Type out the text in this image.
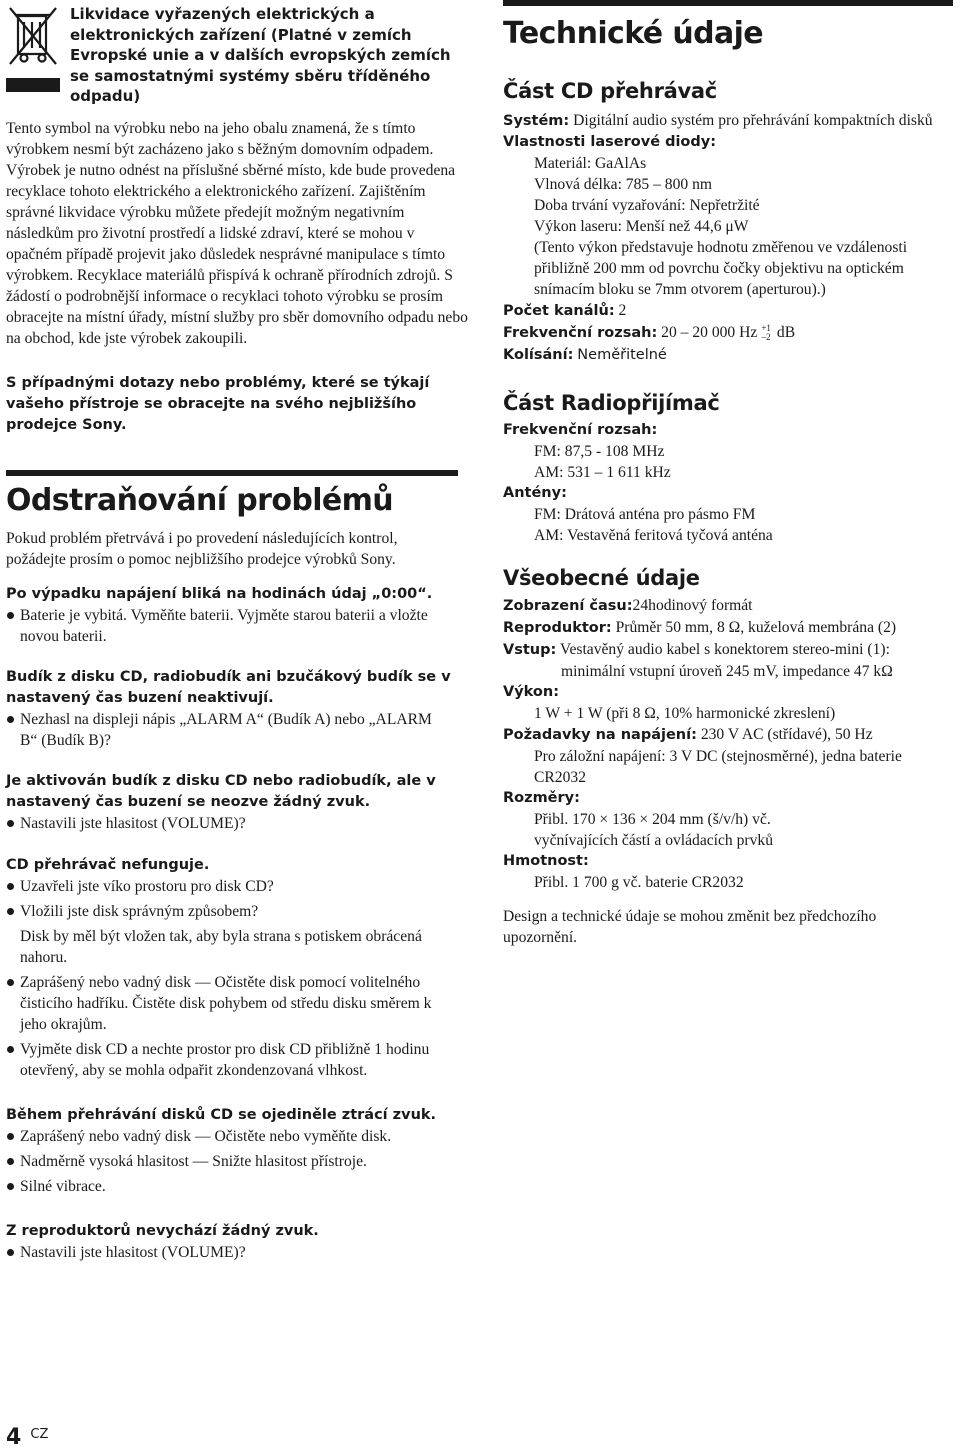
Likvidace vyřazených elektrických a elektronických zařízení (Platné v zemích Evropské unie a v dalších evropských zemích se samostatnými systémy sběru tříděného odpadu)

Tento symbol na výrobku nebo na jeho obalu znamená, že s tímto výrobkem nesmí být zacházeno jako s běžným domovním odpadem. Výrobek je nutno odnést na příslušné sběrné místo, kde bude provedena recyklace tohoto elektrického a elektronického zařízení. Zajištěním správné likvidace výrobku můžete předejít možným negativním následkům pro životní prostředí a lidské zdraví, které se mohou v opačném případě projevit jako důsledek nesprávné manipulace s tímto výrobkem. Recyklace materiálů přispívá k ochraně přírodních zdrojů. S žádostí o podrobnější informace o recyklaci tohoto výrobku se prosím obracejte na místní úřady, místní služby pro sběr domovního odpadu nebo na obchod, kde jste výrobek zakoupili.

S případnými dotazy nebo problémy, které se týkají vašeho přístroje se obracejte na svého nejbližšího prodejce Sony.

Odstraňování problémů

Pokud problém přetrvává i po provedení následujících kontrol, požádejte prosím o pomoc nejbližšího prodejce výrobků Sony.

Po výpadku napájení bliká na hodinách údaj „0:00“.

Baterie je vybitá. Vyměňte baterii. Vyjměte starou baterii a vložte novou baterii.

Budík z disku CD, radiobudík ani bzučákový budík se v nastavený čas buzení neaktivují.

Nezhasl na displeji nápis „ALARM A“ (Budík A) nebo „ALARM B“ (Budík B)?

Je aktivován budík z disku CD nebo radiobudík, ale v nastavený čas buzení se neozve žádný zvuk.

Nastavili jste hlasitost (VOLUME)?

CD přehrávač nefunguje.

Uzavřeli jste víko prostoru pro disk CD?

Vložili jste disk správným způsobem?

Disk by měl být vložen tak, aby byla strana s potiskem obrácená nahoru.

Zaprášený nebo vadný disk — Očistěte disk pomocí volitelného čisticího hadříku. Čistěte disk pohybem od středu disku směrem k jeho okrajům.

Vyjměte disk CD a nechte prostor pro disk CD přibližně 1 hodinu otevřený, aby se mohla odpařit zkondenzovaná vlhkost.

Během přehrávání disků CD se ojediněle ztrácí zvuk.

Zaprášený nebo vadný disk — Očistěte nebo vyměňte disk.

Nadměrně vysoká hlasitost — Snižte hlasitost přístroje.

Silné vibrace.

Z reproduktorů nevychází žádný zvuk.

Nastavili jste hlasitost (VOLUME)?

Technické údaje
Část CD přehrávač

Systém: Digitální audio systém pro přehrávání kompaktních disků

Vlastnosti laserové diody:

Materiál: GaAlAs

Vlnová délka: 785 – 800 nm

Doba trvání vyzařování: Nepřetržité

Výkon laseru: Menší než 44,6 μW

(Tento výkon představuje hodnotu změřenou ve vzdálenosti přibližně 200 mm od povrchu čočky objektivu na optickém snímacím bloku se 7mm otvorem (aperturou).)

Počet kanálů: 2

Frekvenční rozsah: 20 – 20 000 Hz +1
–2 dB

Kolísání: Neměřitelné

Část Radiopřijímač

Frekvenční rozsah:

FM: 87,5 - 108 MHz

AM: 531 – 1 611 kHz

Antény:

FM: Drátová anténa pro pásmo FM

AM: Vestavěná feritová tyčová anténa

Všeobecné údaje

Zobrazení času:24hodinový formát

Reproduktor: Průměr 50 mm, 8 Ω, kuželová membrána (2)

Vstup: Vestavěný audio kabel s konektorem stereo-mini (1):

minimální vstupní úroveň 245 mV, impedance 47 kΩ

Výkon:

1 W + 1 W (při 8 Ω, 10% harmonické zkreslení)

Požadavky na napájení: 230 V AC (střídavé), 50 Hz

Pro záložní napájení: 3 V DC (stejnosměrné), jedna baterie CR2032

Rozměry:

Přibl. 170 × 136 × 204 mm (š/v/h) vč.

vyčnívajících částí a ovládacích prvků

Hmotnost:

Přibl. 1 700 g vč. baterie CR2032

Design a technické údaje se mohou změnit bez předchozího upozornění.

4 $^{CZ}$
